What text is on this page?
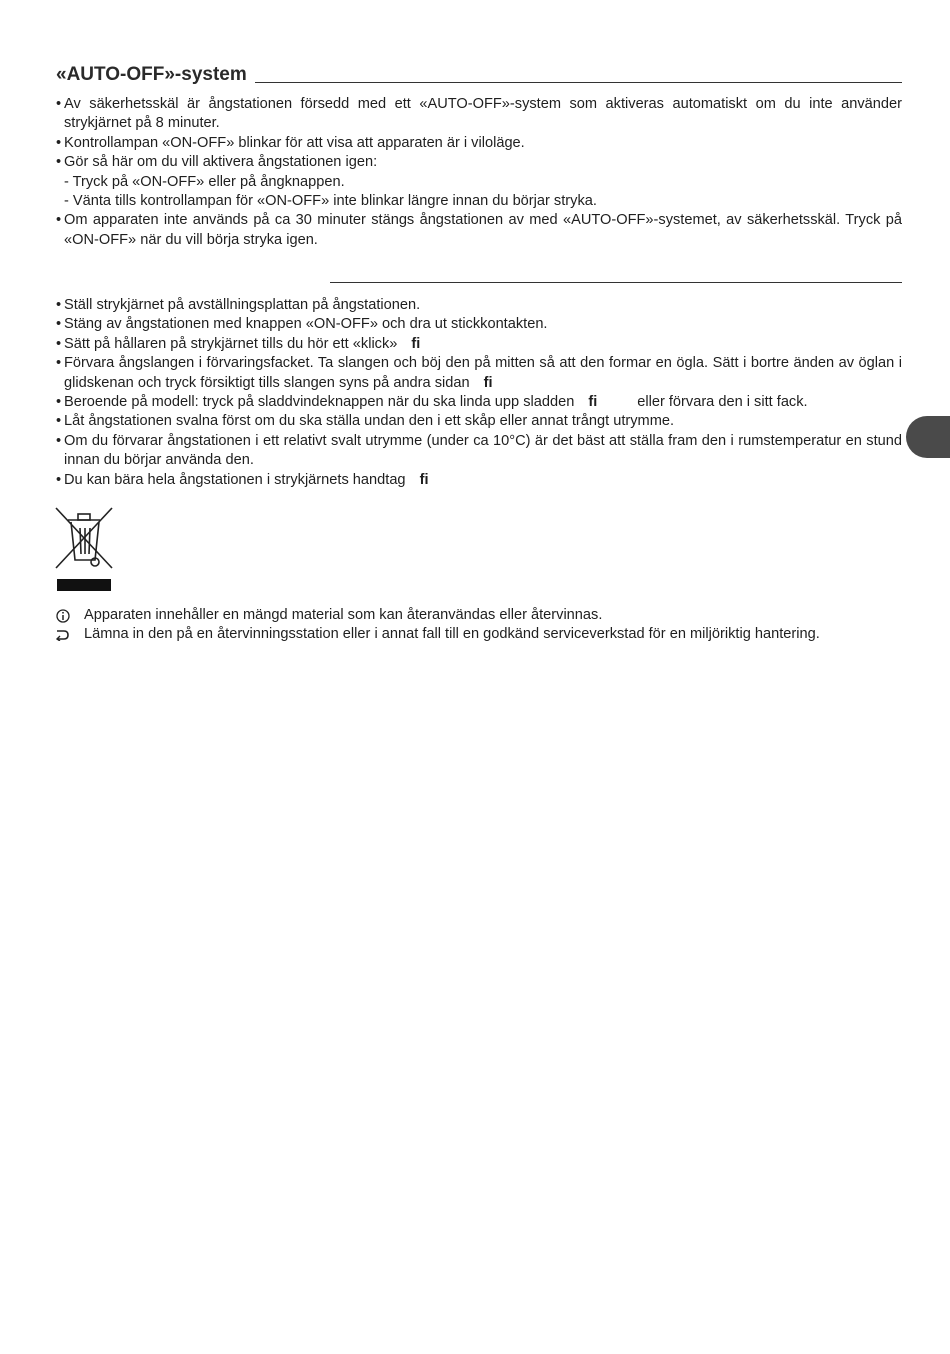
«AUTO-OFF»-system
• Av säkerhetsskäl är ångstationen försedd med ett «AUTO-OFF»-system som aktiveras automatiskt om du inte använder strykjärnet på 8 minuter.
• Kontrollampan «ON-OFF» blinkar för att visa att apparaten är i viloläge.
• Gör så här om du vill aktivera ångstationen igen:
- Tryck på «ON-OFF» eller på ångknappen.
- Vänta tills kontrollampan för «ON-OFF» inte blinkar längre innan du börjar stryka.
• Om apparaten inte används på ca 30 minuter stängs ångstationen av med «AUTO-OFF»-systemet, av säkerhetsskäl. Tryck på «ON-OFF» när du vill börja stryka igen.
• Ställ strykjärnet på avställningsplattan på ångstationen.
• Stäng av ångstationen med knappen «ON-OFF» och dra ut stickkontakten.
• Sätt på hållaren på strykjärnet tills du hör ett «klick» ﬁ
• Förvara ångslangen i förvaringsfacket. Ta slangen och böj den på mitten så att den formar en ögla. Sätt i bortre änden av öglan i glidskenan och tryck försiktigt tills slangen syns på andra sidan ﬁ
• Beroende på modell: tryck på sladdvindeknappen när du ska linda upp sladden ﬁ	eller förvara den i sitt fack.
• Låt ångstationen svalna först om du ska ställa undan den i ett skåp eller annat trångt utrymme.
• Om du förvarar ångstationen i ett relativt svalt utrymme (under ca 10°C) är det bäst att ställa fram den i rumstemperatur en stund innan du börjar använda den.
• Du kan bära hela ångstationen i strykjärnets handtag ﬁ
Apparaten innehåller en mängd material som kan återanvändas eller återvinnas.
Lämna in den på en återvinningsstation eller i annat fall till en godkänd serviceverkstad för en miljöriktig hantering.
